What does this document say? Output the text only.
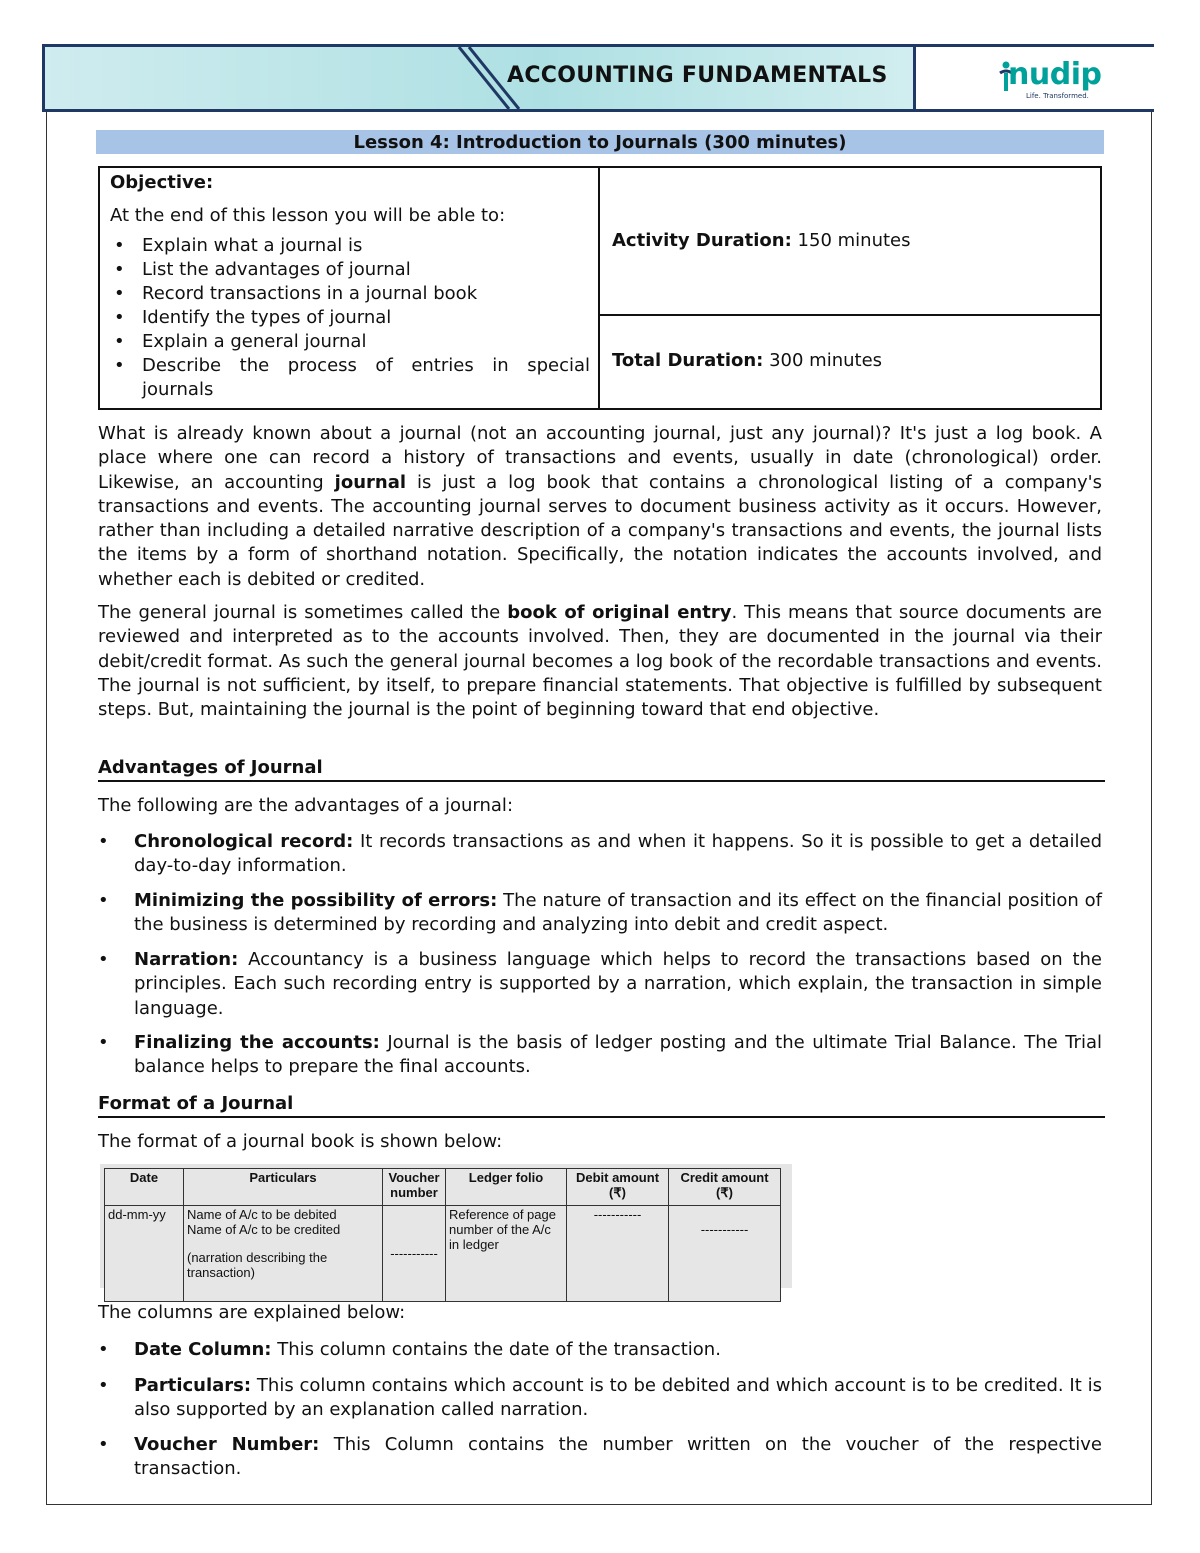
ACCOUNTING FUNDAMENTALS	nudip
Life. Transformed.
Lesson 4: Introduction to Journals (300 minutes)
Objective:
At the end of this lesson you will be able to:
• Explain what a journal is
• List the advantages of journal
• Record transactions in a journal book
• Identify the types of journal
• Explain a general journal
• Describe the process of entries in special journals
Activity Duration: 150 minutes
Total Duration: 300 minutes
What is already known about a journal (not an accounting journal, just any journal)? It's just a log book. A place where one can record a history of transactions and events, usually in date (chronological) order. Likewise, an accounting journal is just a log book that contains a chronological listing of a company's transactions and events. The accounting journal serves to document business activity as it occurs. However, rather than including a detailed narrative description of a company's transactions and events, the journal lists the items by a form of shorthand notation. Specifically, the notation indicates the accounts involved, and whether each is debited or credited.
The general journal is sometimes called the book of original entry. This means that source documents are reviewed and interpreted as to the accounts involved. Then, they are documented in the journal via their debit/credit format. As such the general journal becomes a log book of the recordable transactions and events. The journal is not sufficient, by itself, to prepare financial statements. That objective is fulfilled by subsequent steps. But, maintaining the journal is the point of beginning toward that end objective.
Advantages of Journal
The following are the advantages of a journal:
• Chronological record: It records transactions as and when it happens. So it is possible to get a detailed day-to-day information.
• Minimizing the possibility of errors: The nature of transaction and its effect on the financial position of the business is determined by recording and analyzing into debit and credit aspect.
• Narration: Accountancy is a business language which helps to record the transactions based on the principles. Each such recording entry is supported by a narration, which explain, the transaction in simple language.
• Finalizing the accounts: Journal is the basis of ledger posting and the ultimate Trial Balance. The Trial balance helps to prepare the final accounts.
Format of a Journal
The format of a journal book is shown below:
Date	Particulars	Voucher number	Ledger folio	Debit amount (₹)	Credit amount (₹)
dd-mm-yy	Name of A/c to be debited
Name of A/c to be credited
(narration describing the transaction)	-----------	Reference of page number of the A/c in ledger	-----------	-----------
The columns are explained below:
• Date Column: This column contains the date of the transaction.
• Particulars: This column contains which account is to be debited and which account is to be credited. It is also supported by an explanation called narration.
• Voucher Number: This Column contains the number written on the voucher of the respective transaction.
